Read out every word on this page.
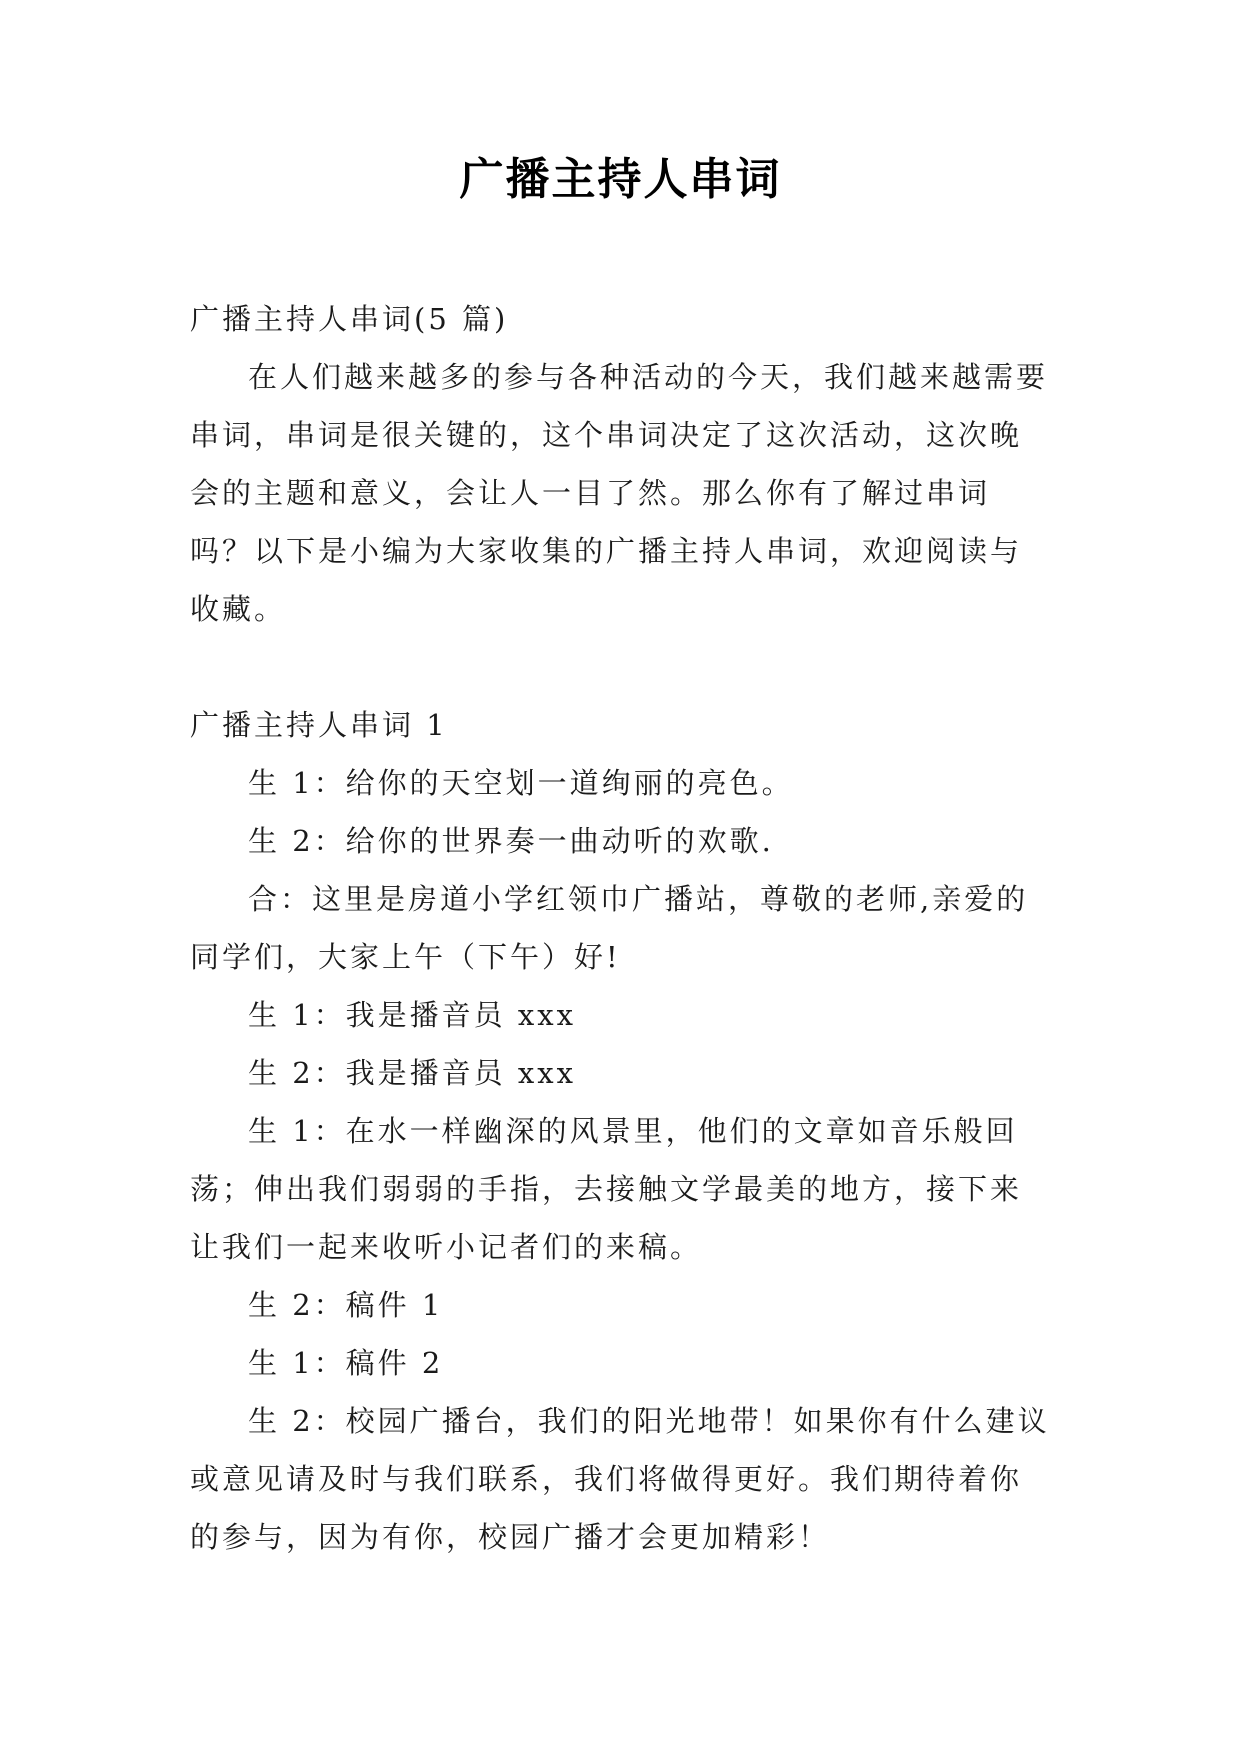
广播主持人串词

广播主持人串词(5 篇)

在人们越来越多的参与各种活动的今天，我们越来越需要串词，串词是很关键的，这个串词决定了这次活动，这次晚会的主题和意义，会让人一目了然。那么你有了解过串词吗？以下是小编为大家收集的广播主持人串词，欢迎阅读与收藏。

广播主持人串词 1

生 1：给你的天空划一道绚丽的亮色。

生 2：给你的世界奏一曲动听的欢歌.

合：这里是房道小学红领巾广播站，尊敬的老师,亲爱的同学们，大家上午（下午）好!

生 1：我是播音员 xxx

生 2：我是播音员 xxx

生 1：在水一样幽深的风景里，他们的文章如音乐般回荡；伸出我们弱弱的手指，去接触文学最美的地方，接下来让我们一起来收听小记者们的来稿。

生 2：稿件 1

生 1：稿件 2

生 2：校园广播台，我们的阳光地带！如果你有什么建议或意见请及时与我们联系，我们将做得更好。我们期待着你的参与，因为有你，校园广播才会更加精彩！
